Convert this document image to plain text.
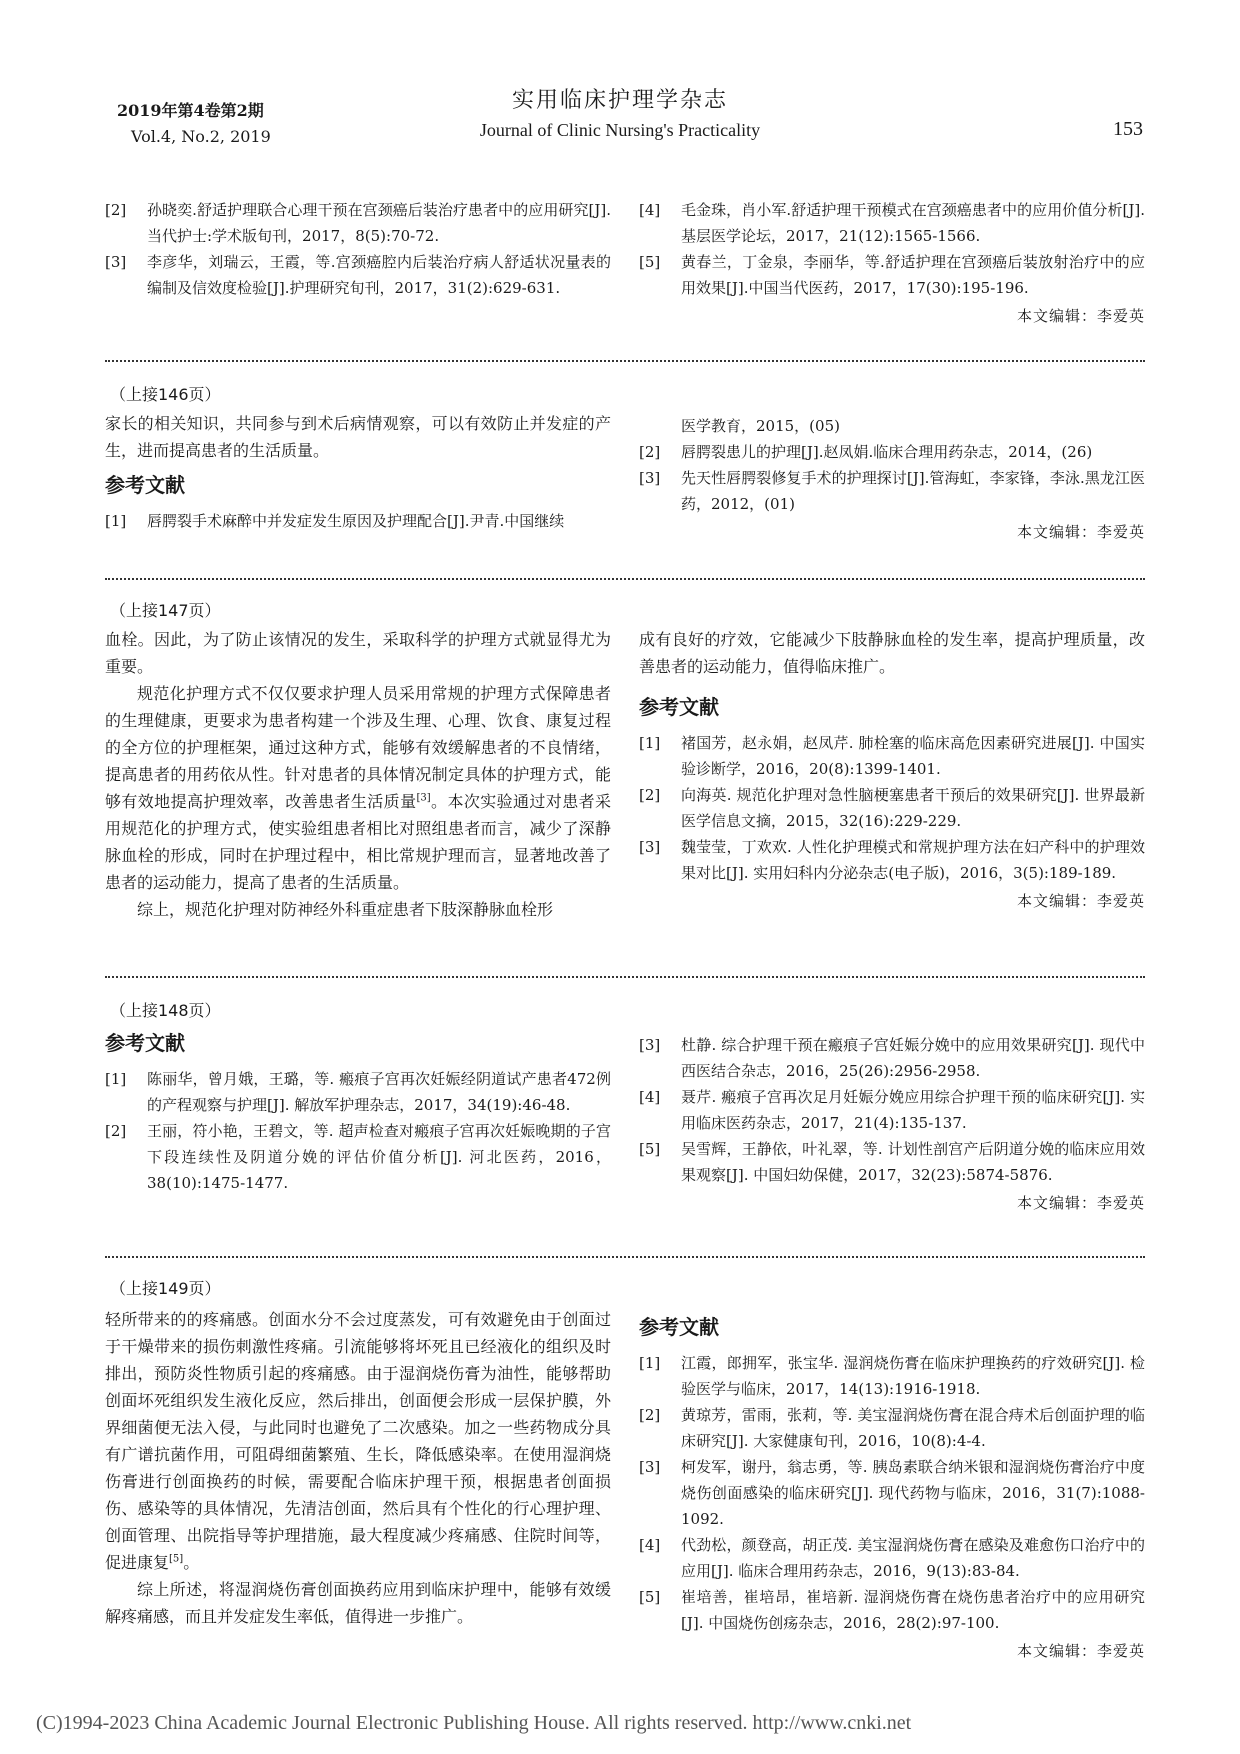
2019年第4卷第2期
Vol.4, No.2, 2019
实用临床护理学杂志
Journal of Clinic Nursing's Practicality	153
[2] 孙晓奕.舒适护理联合心理干预在宫颈癌后装治疗患者中的应用研究[J].当代护士:学术版旬刊，2017，8(5):70-72.
[3] 李彦华，刘瑞云，王霞，等.宫颈癌腔内后装治疗病人舒适状况量表的编制及信效度检验[J].护理研究旬刊，2017，31(2):629-631.
[4] 毛金珠，肖小军.舒适护理干预模式在宫颈癌患者中的应用价值分析[J].基层医学论坛，2017，21(12):1565-1566.
[5] 黄春兰，丁金泉，李丽华，等.舒适护理在宫颈癌后装放射治疗中的应用效果[J].中国当代医药，2017，17(30):195-196.
本文编辑：李爱英
（上接146页）

家长的相关知识，共同参与到术后病情观察，可以有效防止并发症的产生，进而提高患者的生活质量。

参考文献
[1] 唇腭裂手术麻醉中并发症发生原因及护理配合[J].尹青.中国继续
医学教育，2015，(05)
[2] 唇腭裂患儿的护理[J].赵凤娟.临床合理用药杂志，2014，(26)
[3] 先天性唇腭裂修复手术的护理探讨[J].管海虹，李家锋，李泳.黑龙江医药，2012，(01)
本文编辑：李爱英
（上接147页）

血栓。因此，为了防止该情况的发生，采取科学的护理方式就显得尤为重要。

规范化护理方式不仅仅要求护理人员采用常规的护理方式保障患者的生理健康，更要求为患者构建一个涉及生理、心理、饮食、康复过程的全方位的护理框架，通过这种方式，能够有效缓解患者的不良情绪，提高患者的用药依从性。针对患者的具体情况制定具体的护理方式，能够有效地提高护理效率，改善患者生活质量[3]。本次实验通过对患者采用规范化的护理方式，使实验组患者相比对照组患者而言，减少了深静脉血栓的形成，同时在护理过程中，相比常规护理而言，显著地改善了患者的运动能力，提高了患者的生活质量。

综上，规范化护理对防神经外科重症患者下肢深静脉血栓形

成有良好的疗效，它能减少下肢静脉血栓的发生率，提高护理质量，改善患者的运动能力，值得临床推广。

参考文献
[1] 褚国芳，赵永娟，赵凤芹. 肺栓塞的临床高危因素研究进展[J]. 中国实验诊断学，2016，20(8):1399-1401.
[2] 向海英. 规范化护理对急性脑梗塞患者干预后的效果研究[J]. 世界最新医学信息文摘，2015，32(16):229-229.
[3] 魏莹莹，丁欢欢. 人性化护理模式和常规护理方法在妇产科中的护理效果对比[J]. 实用妇科内分泌杂志(电子版)，2016，3(5):189-189.
本文编辑：李爱英
（上接148页）
参考文献
[1] 陈丽华，曾月娥，王璐，等. 瘢痕子宫再次妊娠经阴道试产患者472例的产程观察与护理[J]. 解放军护理杂志，2017，34(19):46-48.
[2] 王丽，符小艳，王碧文，等. 超声检查对瘢痕子宫再次妊娠晚期的子宫下段连续性及阴道分娩的评估价值分析[J]. 河北医药，2016，38(10):1475-1477.
[3] 杜静. 综合护理干预在瘢痕子宫妊娠分娩中的应用效果研究[J]. 现代中西医结合杂志，2016，25(26):2956-2958.
[4] 聂芹. 瘢痕子宫再次足月妊娠分娩应用综合护理干预的临床研究[J]. 实用临床医药杂志，2017，21(4):135-137.
[5] 吴雪辉，王静依，叶礼翠，等. 计划性剖宫产后阴道分娩的临床应用效果观察[J]. 中国妇幼保健，2017，32(23):5874-5876.
本文编辑：李爱英
（上接149页）

轻所带来的的疼痛感。创面水分不会过度蒸发，可有效避免由于创面过于干燥带来的损伤刺激性疼痛。引流能够将坏死且已经液化的组织及时排出，预防炎性物质引起的疼痛感。由于湿润烧伤膏为油性，能够帮助创面坏死组织发生液化反应，然后排出，创面便会形成一层保护膜，外界细菌便无法入侵，与此同时也避免了二次感染。加之一些药物成分具有广谱抗菌作用，可阻碍细菌繁殖、生长，降低感染率。在使用湿润烧伤膏进行创面换药的时候，需要配合临床护理干预，根据患者创面损伤、感染等的具体情况，先清洁创面，然后具有个性化的行心理护理、创面管理、出院指导等护理措施，最大程度减少疼痛感、住院时间等，促进康复[5]。

综上所述，将湿润烧伤膏创面换药应用到临床护理中，能够有效缓解疼痛感，而且并发症发生率低，值得进一步推广。

参考文献
[1] 江霞，郎拥军，张宝华. 湿润烧伤膏在临床护理换药的疗效研究[J]. 检验医学与临床，2017，14(13):1916-1918.
[2] 黄琼芳，雷雨，张莉，等. 美宝湿润烧伤膏在混合痔术后创面护理的临床研究[J]. 大家健康旬刊，2016，10(8):4-4.
[3] 柯发军，谢丹，翁志勇，等. 胰岛素联合纳米银和湿润烧伤膏治疗中度烧伤创面感染的临床研究[J]. 现代药物与临床，2016，31(7):1088-1092.
[4] 代劲松，颜登高，胡正茂. 美宝湿润烧伤膏在感染及难愈伤口治疗中的应用[J]. 临床合理用药杂志，2016，9(13):83-84.
[5] 崔培善，崔培昂，崔培新. 湿润烧伤膏在烧伤患者治疗中的应用研究[J]. 中国烧伤创疡杂志，2016，28(2):97-100.
本文编辑：李爱英
(C)1994-2023 China Academic Journal Electronic Publishing House. All rights reserved. http://www.cnki.net
